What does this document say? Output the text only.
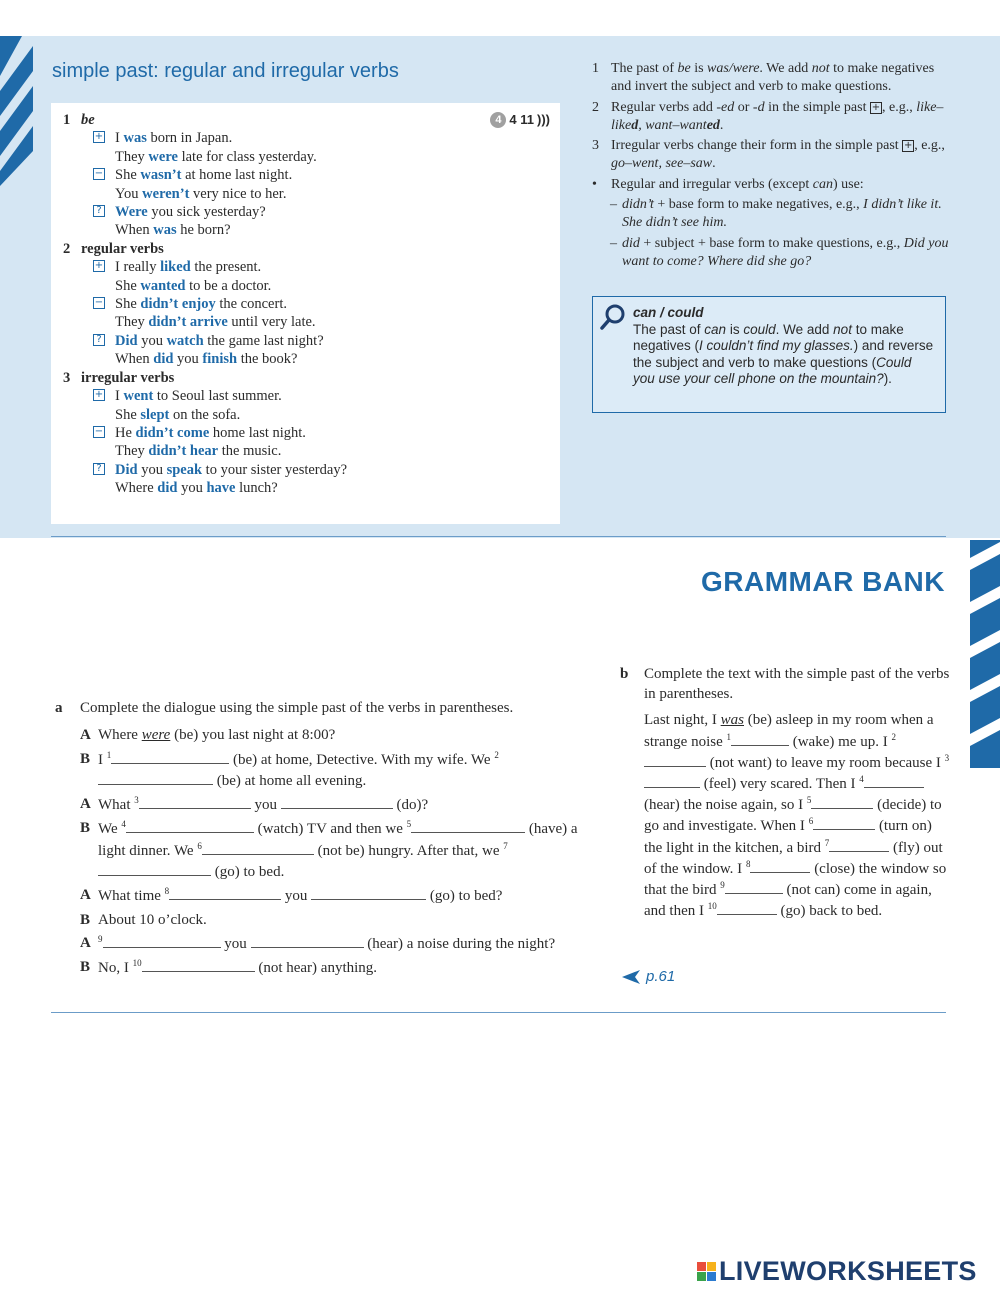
simple past: regular and irregular verbs
4 4 11 )))
1 be
+ I was born in Japan.
They were late for class yesterday.
− She wasn’t at home last night.
You weren’t very nice to her.
? Were you sick yesterday?
When was he born?
2 regular verbs
+ I really liked the present.
She wanted to be a doctor.
− She didn’t enjoy the concert.
They didn’t arrive until very late.
? Did you watch the game last night?
When did you finish the book?
3 irregular verbs
+ I went to Seoul last summer.
She slept on the sofa.
− He didn’t come home last night.
They didn’t hear the music.
? Did you speak to your sister yesterday?
Where did you have lunch?
1 The past of be is was/were. We add not to make negatives and invert the subject and verb to make questions.
2 Regular verbs add -ed or -d in the simple past + , e.g., like–liked, want–wanted.
3 Irregular verbs change their form in the simple past + , e.g., go–went, see–saw.
• Regular and irregular verbs (except can) use:
– didn’t + base form to make negatives, e.g., I didn’t like it. She didn’t see him.
– did + subject + base form to make questions, e.g., Did you want to come? Where did she go?
can / could
The past of can is could. We add not to make negatives (I couldn’t find my glasses.) and reverse the subject and verb to make questions (Could you use your cell phone on the mountain?).
GRAMMAR BANK
a Complete the dialogue using the simple past of the verbs in parentheses.
A Where were (be) you last night at 8:00?
B I $^1$	(be) at home, Detective. With my wife. We $^2$ (be) at home all evening.
A What $^3$	you	(do)?
B We $^4$	(watch) TV and then we $^5$	(have) a light dinner. We $^6$	(not be) hungry. After that, we $^7$ (go) to bed.
A What time $^8$	you	(go) to bed?
B About 10 o’clock.
A $^9$	you	(hear) a noise during the night?
B No, I $^{10}$	(not hear) anything.
b Complete the text with the simple past of the verbs in parentheses.
Last night, I was (be) asleep in my room when a strange noise $^1$	(wake) me up. I $^2$ (not want) to leave my room because I $^3$ (feel) very scared. Then I $^4$ (hear) the noise again, so I $^5$	(decide) to go and investigate. When I $^6$	(turn on) the light in the kitchen, a bird $^7$	(fly) out of the window. I $^8$	(close) the window so that the bird $^9$	(not can) come in again, and then I $^{10}$	(go) back to bed.
p.61
LIVEWORKSHEETS
